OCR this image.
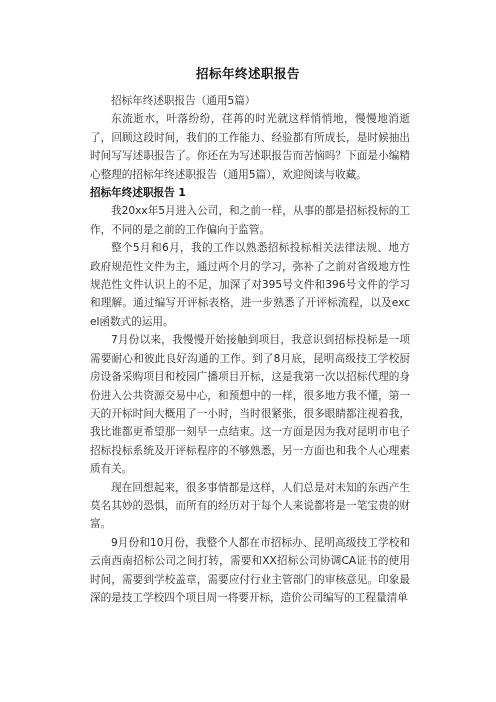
招标年终述职报告

招标年终述职报告（通用5篇）

东流逝水，叶落纷纷，荏苒的时光就这样悄悄地，慢慢地消逝了，回顾这段时间，我们的工作能力、经验都有所成长，是时候抽出时间写写述职报告了。你还在为写述职报告而苦恼吗？下面是小编精心整理的招标年终述职报告（通用5篇），欢迎阅读与收藏。

招标年终述职报告 1

我20xx年5月进入公司，和之前一样，从事的都是招标投标的工作，不同的是之前的工作偏向于监管。

整个5月和6月，我的工作以熟悉招标投标相关法律法规、地方政府规范性文件为主，通过两个月的学习，弥补了之前对省级地方性规范性文件认识上的不足，加深了对395号文件和396号文件的学习和理解。通过编写开评标表格，进一步熟悉了开评标流程，以及excel函数式的运用。

7月份以来，我慢慢开始接触到项目，我意识到招标投标是一项需要耐心和彼此良好沟通的工作。到了8月底，昆明高级技工学校厨房设备采购项目和校园广播项目开标，这是我第一次以招标代理的身份进入公共资源交易中心，和预想中的一样，很多地方我不懂，第一天的开标时间大概用了一小时，当时很紧张，很多眼睛都注视着我，我比谁都更希望那一刻早一点结束。这一方面是因为我对昆明市电子招标投标系统及开评标程序的不够熟悉，另一方面也和我个人心理素质有关。

现在回想起来，很多事情都是这样，人们总是对未知的东西产生莫名其妙的恐惧，而所有的经历对于每个人来说都将是一笔宝贵的财富。

9月份和10月份，我整个人都在市招标办、昆明高级技工学校和云南西南招标公司之间打转，需要和XX招标公司协调CA证书的使用时间，需要到学校盖章，需要应付行业主管部门的审核意见。印象最深的是技工学校四个项目周一将要开标，造价公司编写的工程量清单
